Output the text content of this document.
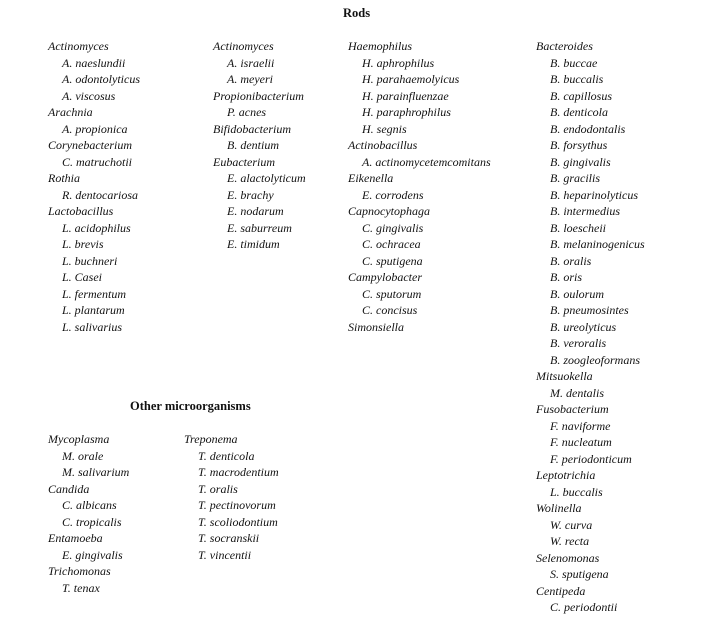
Rods
Actinomyces
A. naeslundii
A. odontolyticus
A. viscosus
Arachnia
A. propionica
Corynebacterium
C. matruchotii
Rothia
R. dentocariosa
Lactobacillus
L. acidophilus
L. brevis
L. buchneri
L. Casei
L. fermentum
L. plantarum
L. salivarius
Actinomyces
A. israelii
A. meyeri
Propionibacterium
P. acnes
Bifidobacterium
B. dentium
Eubacterium
E. alactolyticum
E. brachy
E. nodarum
E. saburreum
E. timidum
Haemophilus
H. aphrophilus
H. parahaemolyicus
H. parainfluenzae
H. paraphrophilus
H. segnis
Actinobacillus
A. actinomycetemcomitans
Eikenella
E. corrodens
Capnocytophaga
C. gingivalis
C. ochracea
C. sputigena
Campylobacter
C. sputorum
C. concisus
Simonsiella
Bacteroides
B. buccae
B. buccalis
B. capillosus
B. denticola
B. endodontalis
B. forsythus
B. gingivalis
B. gracilis
B. heparinolyticus
B. intermedius
B. loescheii
B. melaninogenicus
B. oralis
B. oris
B. oulorum
B. pneumosintes
B. ureolyticus
B. veroralis
B. zoogleoformans
Mitsuokella
M. dentalis
Fusobacterium
F. naviforme
F. nucleatum
F. periodonticum
Leptotrichia
L. buccalis
Wolinella
W. curva
W. recta
Selenomonas
S. sputigena
Centipeda
C. periodontii
Other microorganisms
Mycoplasma
M. orale
M. salivarium
Candida
C. albicans
C. tropicalis
Entamoeba
E. gingivalis
Trichomonas
T. tenax
Treponema
T. denticola
T. macrodentium
T. oralis
T. pectinovorum
T. scoliodontium
T. socranskii
T. vincentii
